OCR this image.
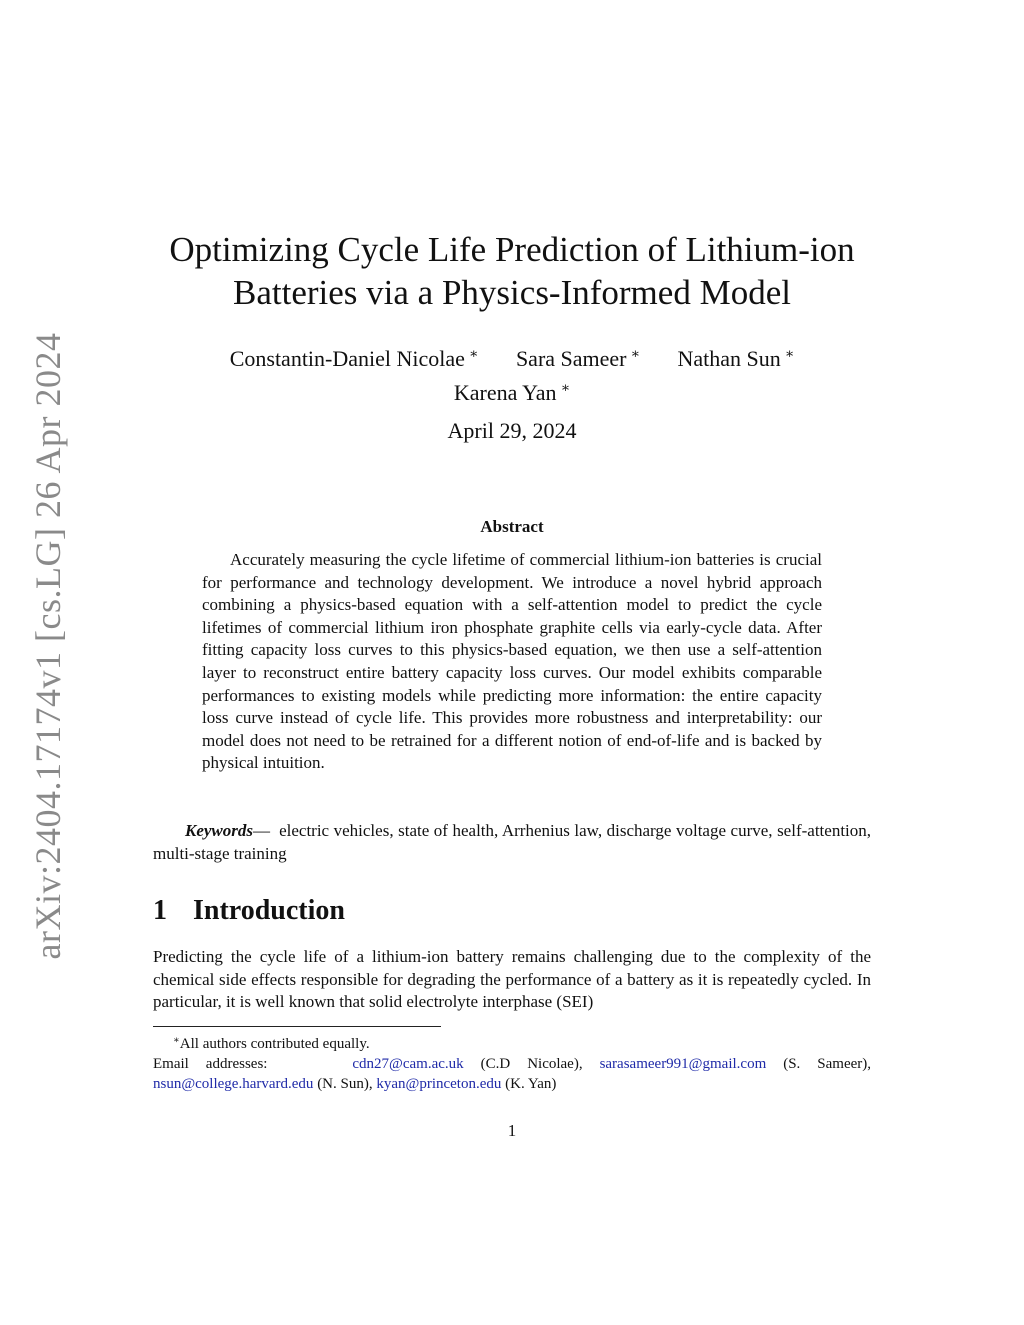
arXiv:2404.17174v1 [cs.LG] 26 Apr 2024
Optimizing Cycle Life Prediction of Lithium-ion
Batteries via a Physics-Informed Model
Constantin-Daniel Nicolae ∗ Sara Sameer ∗ Nathan Sun ∗
Karena Yan ∗
April 29, 2024
Abstract

Accurately measuring the cycle lifetime of commercial lithium-ion batteries is crucial for performance and technology development. We introduce a novel hybrid approach combining a physics-based equation with a self-attention model to predict the cycle lifetimes of commercial lithium iron phosphate graphite cells via early-cycle data. After fitting capacity loss curves to this physics-based equation, we then use a self-attention layer to reconstruct entire battery capacity loss curves. Our model exhibits comparable performances to existing models while predicting more information: the entire capacity loss curve instead of cycle life. This provides more robustness and interpretability: our model does not need to be retrained for a different notion of end-of-life and is backed by physical intuition.

Keywords— electric vehicles, state of health, Arrhenius law, discharge voltage curve, self-attention, multi-stage training

1 Introduction

Predicting the cycle life of a lithium-ion battery remains challenging due to the complexity of the chemical side effects responsible for degrading the performance of a battery as it is repeatedly cycled. In particular, it is well known that solid electrolyte interphase (SEI)

∗All authors contributed equally.
Email addresses:	cdn27@cam.ac.uk (C.D Nicolae), sarasameer991@gmail.com (S. Sameer), nsun@college.harvard.edu (N. Sun), kyan@princeton.edu (K. Yan)
1
